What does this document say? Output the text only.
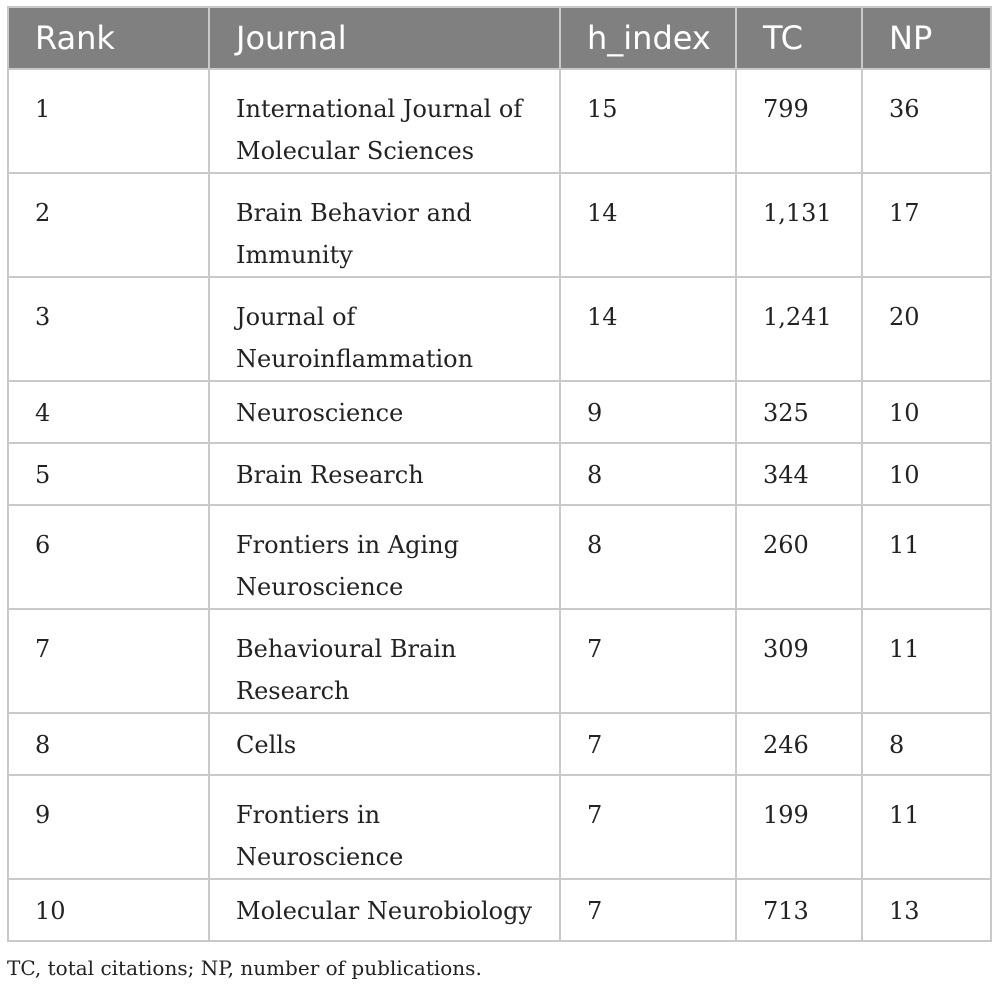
Rank	Journal	h_index	TC	NP
1	International Journal of Molecular Sciences	15	799	36
2	Brain Behavior and Immunity	14	1,131	17
3	Journal of Neuroinflammation	14	1,241	20
4	Neuroscience	9	325	10
5	Brain Research	8	344	10
6	Frontiers in Aging Neuroscience	8	260	11
7	Behavioural Brain Research	7	309	11
8	Cells	7	246	8
9	Frontiers in Neuroscience	7	199	11
10	Molecular Neurobiology	7	713	13
TC, total citations; NP, number of publications.
